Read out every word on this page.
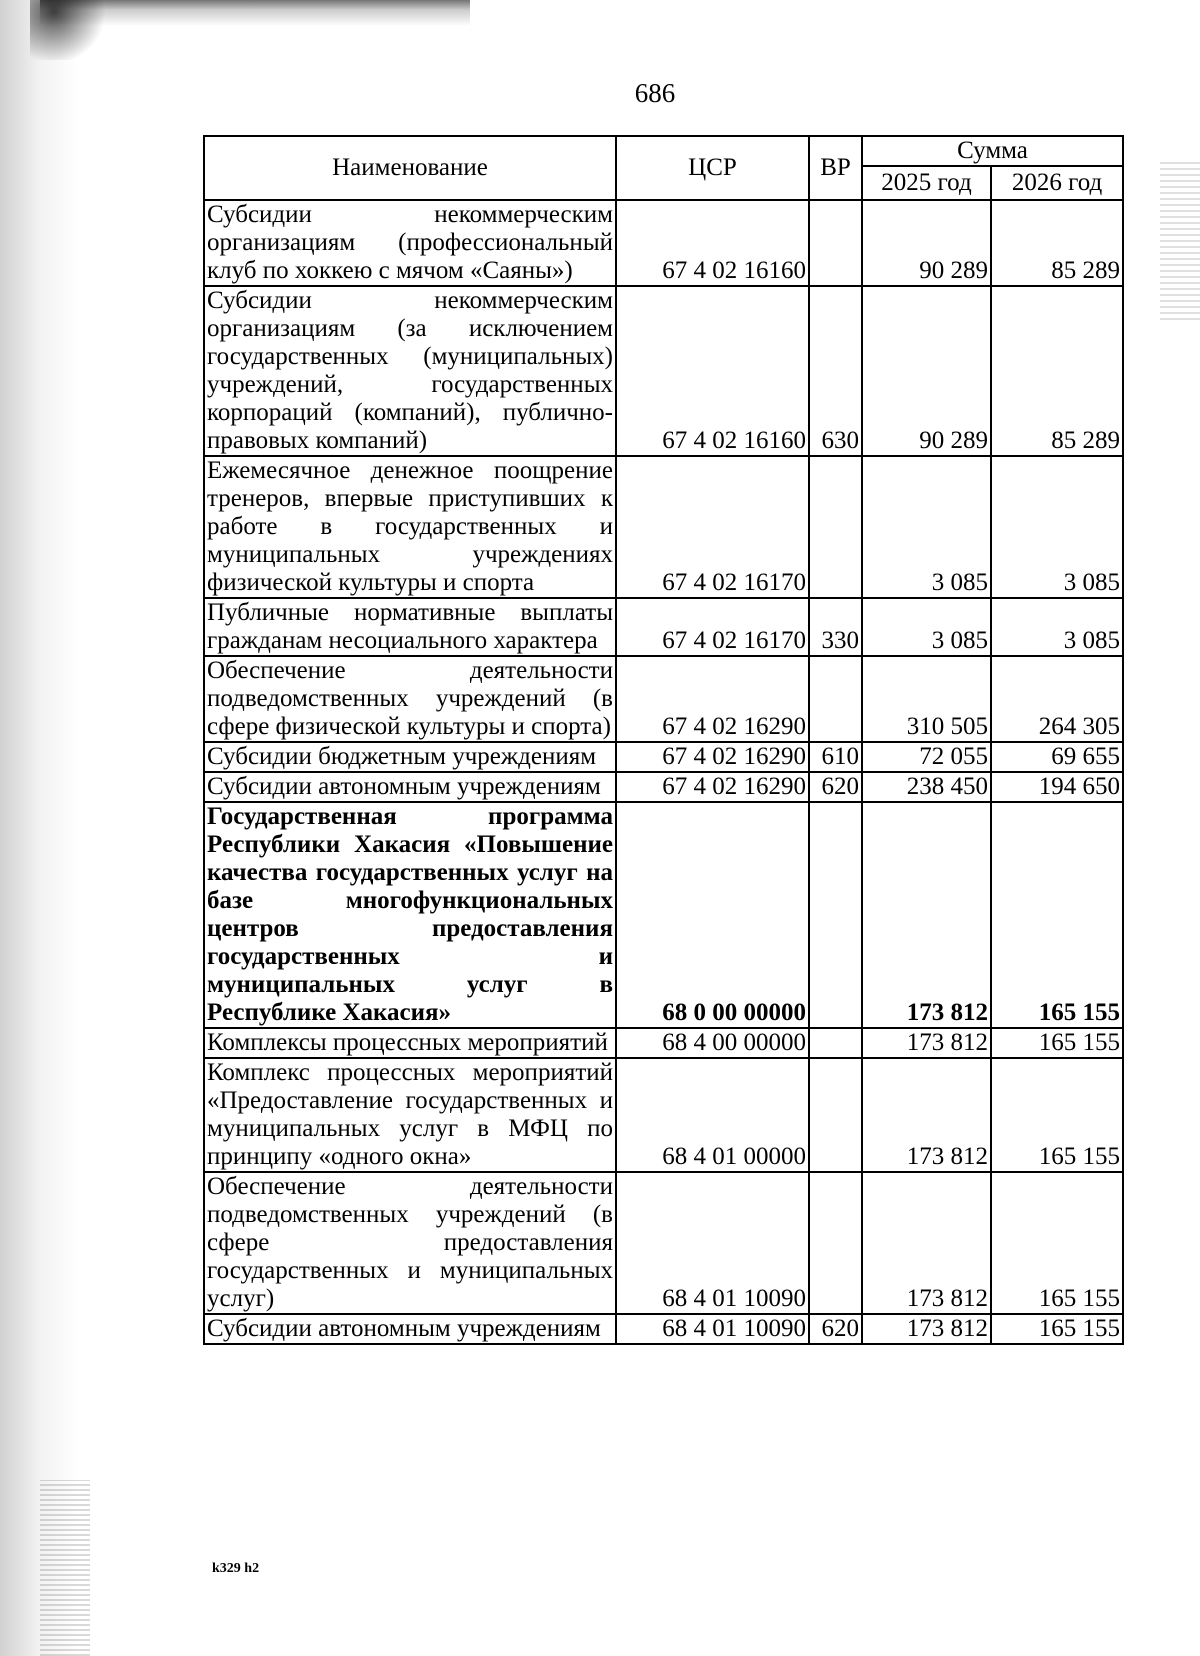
686
Наименование	ЦСР	ВР	Сумма	
			2025 год	2026 год
Субсидии некоммерческим организациям (профессиональный клуб по хоккею с мячом «Саяны»)	67 4 02 16160		90 289	85 289
Субсидии некоммерческим организациям (за исключением государственных (муниципальных) учреждений, государственных корпораций (компаний), публично-правовых компаний)	67 4 02 16160	630	90 289	85 289
Ежемесячное денежное поощрение тренеров, впервые приступивших к работе в государственных и муниципальных учреждениях физической культуры и спорта	67 4 02 16170		3 085	3 085
Публичные нормативные выплаты гражданам несоциального характера	67 4 02 16170	330	3 085	3 085
Обеспечение деятельности подведомственных учреждений (в сфере физической культуры и спорта)	67 4 02 16290		310 505	264 305
Субсидии бюджетным учреждениям	67 4 02 16290	610	72 055	69 655
Субсидии автономным учреждениям	67 4 02 16290	620	238 450	194 650
Государственная программа Республики Хакасия «Повышение качества государственных услуг на базе многофункциональных центров предоставления государственных и муниципальных услуг в Республике Хакасия»	68 0 00 00000		173 812	165 155
Комплексы процессных мероприятий	68 4 00 00000		173 812	165 155
Комплекс процессных мероприятий «Предоставление государственных и муниципальных услуг в МФЦ по принципу «одного окна»	68 4 01 00000		173 812	165 155
Обеспечение деятельности подведомственных учреждений (в сфере предоставления государственных и муниципальных услуг)	68 4 01 10090		173 812	165 155
Субсидии автономным учреждениям	68 4 01 10090	620	173 812	165 155
k329 h2
